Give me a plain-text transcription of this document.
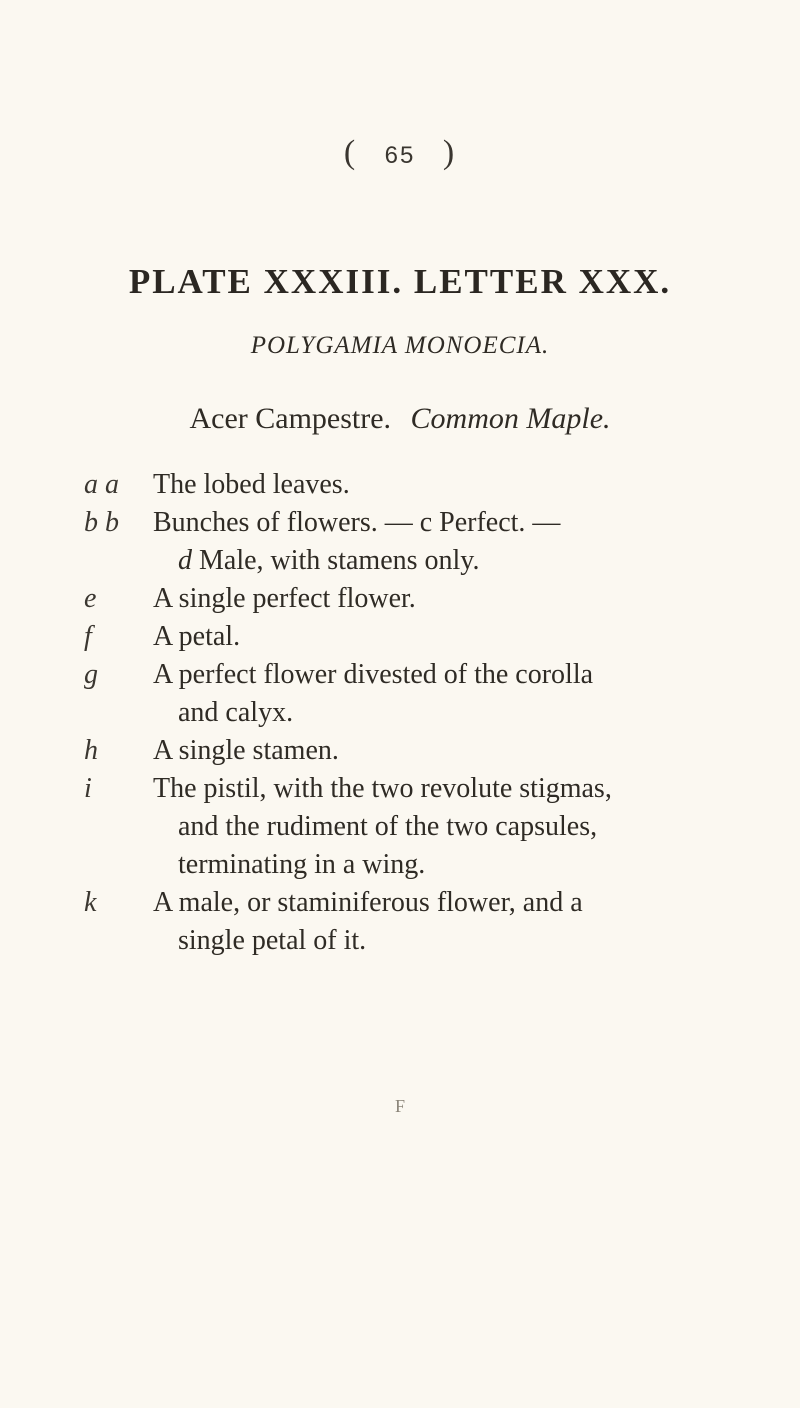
( 65 )
PLATE XXXIII. LETTER XXX.
POLYGAMIA MONOECIA.
Acer Campestre. Common Maple.
a a The lobed leaves.
b b Bunches of flowers. — c Perfect. —
d Male, with stamens only.
e A single perfect flower.
f A petal.
g A perfect flower divested of the corolla
and calyx.
h A single stamen.
i The pistil, with the two revolute stigmas,
and the rudiment of the two capsules,
terminating in a wing.
k A male, or staminiferous flower, and a
single petal of it.
F
